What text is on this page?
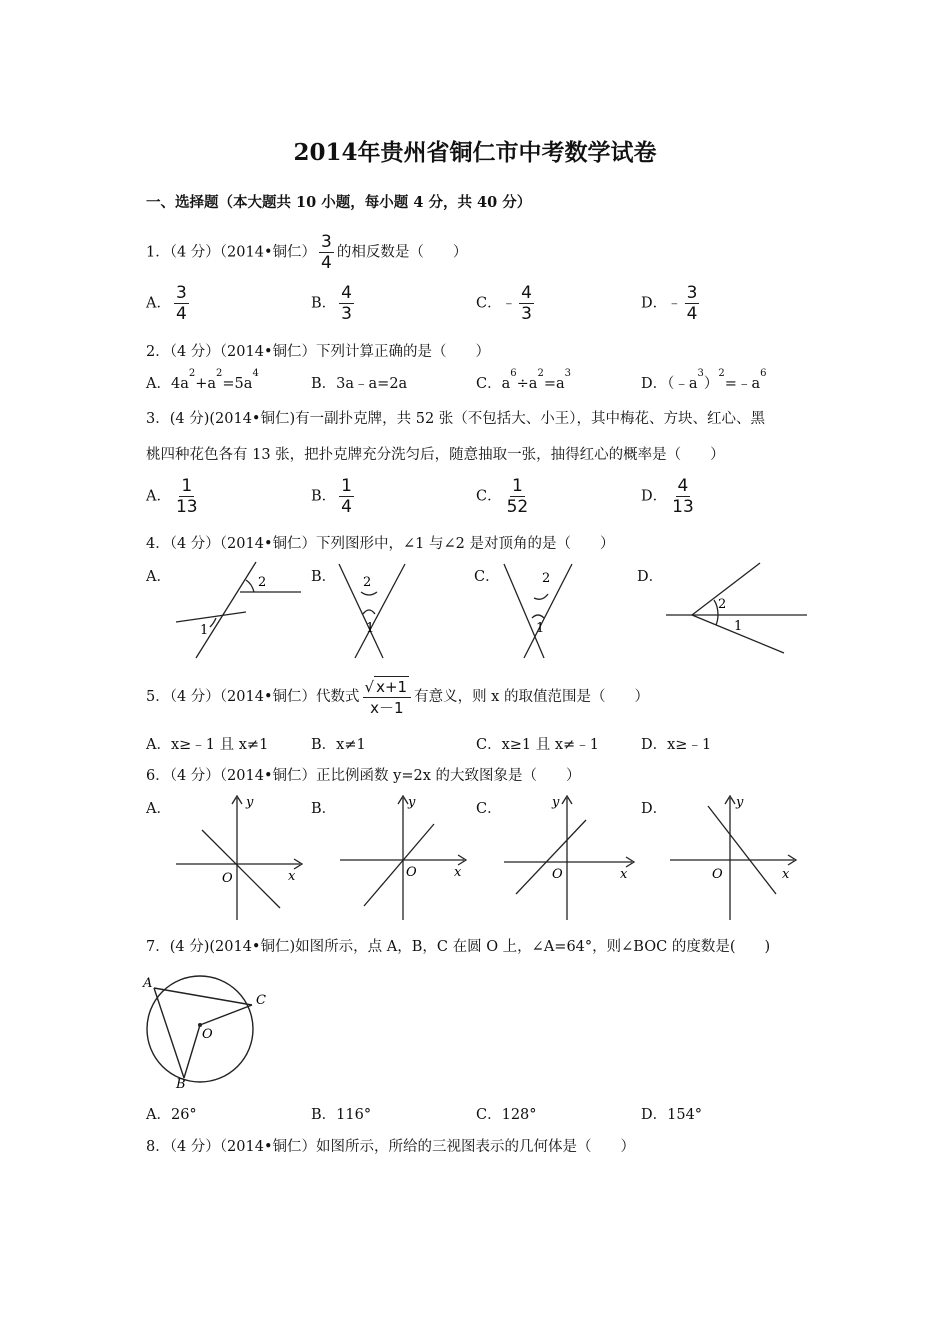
2014年贵州省铜仁市中考数学试卷
一、选择题（本大题共 10 小题，每小题 4 分，共 40 分）
1．（4 分）（2014•铜仁） $\frac{3}{4}$ 的相反数是（　　）
A． $\frac{3}{4}$	B． $\frac{4}{3}$	C．﹣ $\frac{4}{3}$	D．﹣ $\frac{3}{4}$
2．（4 分）（2014•铜仁）下列计算正确的是（　　）
A．$4a^2+a^2=5a^4$
B．3a﹣a=2a	C．$a^6\div a^2=a^3$
D．$(﹣a^3)^2=﹣a^6$
3．(4 分)(2014•铜仁)有一副扑克牌，共 52 张（不包括大、小王），其中梅花、方块、红心、黑
桃四种花色各有 13 张，把扑克牌充分洗匀后，随意抽取一张，抽得红心的概率是（　　）
A． $\frac{1}{13}$	B． $\frac{1}{4}$	C． $\frac{1}{52}$	D． $\frac{4}{13}$
4．（4 分）（2014•铜仁）下列图形中，∠1 与∠2 是对顶角的是（　　）
A．	B．	C．	D．
2
1
2
1
2
1
2
1
5．（4 分）（2014•铜仁）代数式 $\frac{√ x+1}{x-1}$ 有意义，则 x 的取值范围是（　　）
A．x≥﹣1 且 x≠1	B．x≠1	C．x≥1 且 x≠﹣1	D．x≥﹣1
6．（4 分）（2014•铜仁）正比例函数 y=2x 的大致图象是（　　）
A．	B．	C．	D．
y
x
O
y
x
O
y
x
O
y
x
O
7．(4 分)(2014•铜仁)如图所示，点 A，B，C 在圆 O 上，∠A=64°，则∠BOC 的度数是(　　)
A
C
O
B
A．26°	B．116°	C．128°	D．154°
8．（4 分）（2014•铜仁）如图所示，所给的三视图表示的几何体是（　　）
